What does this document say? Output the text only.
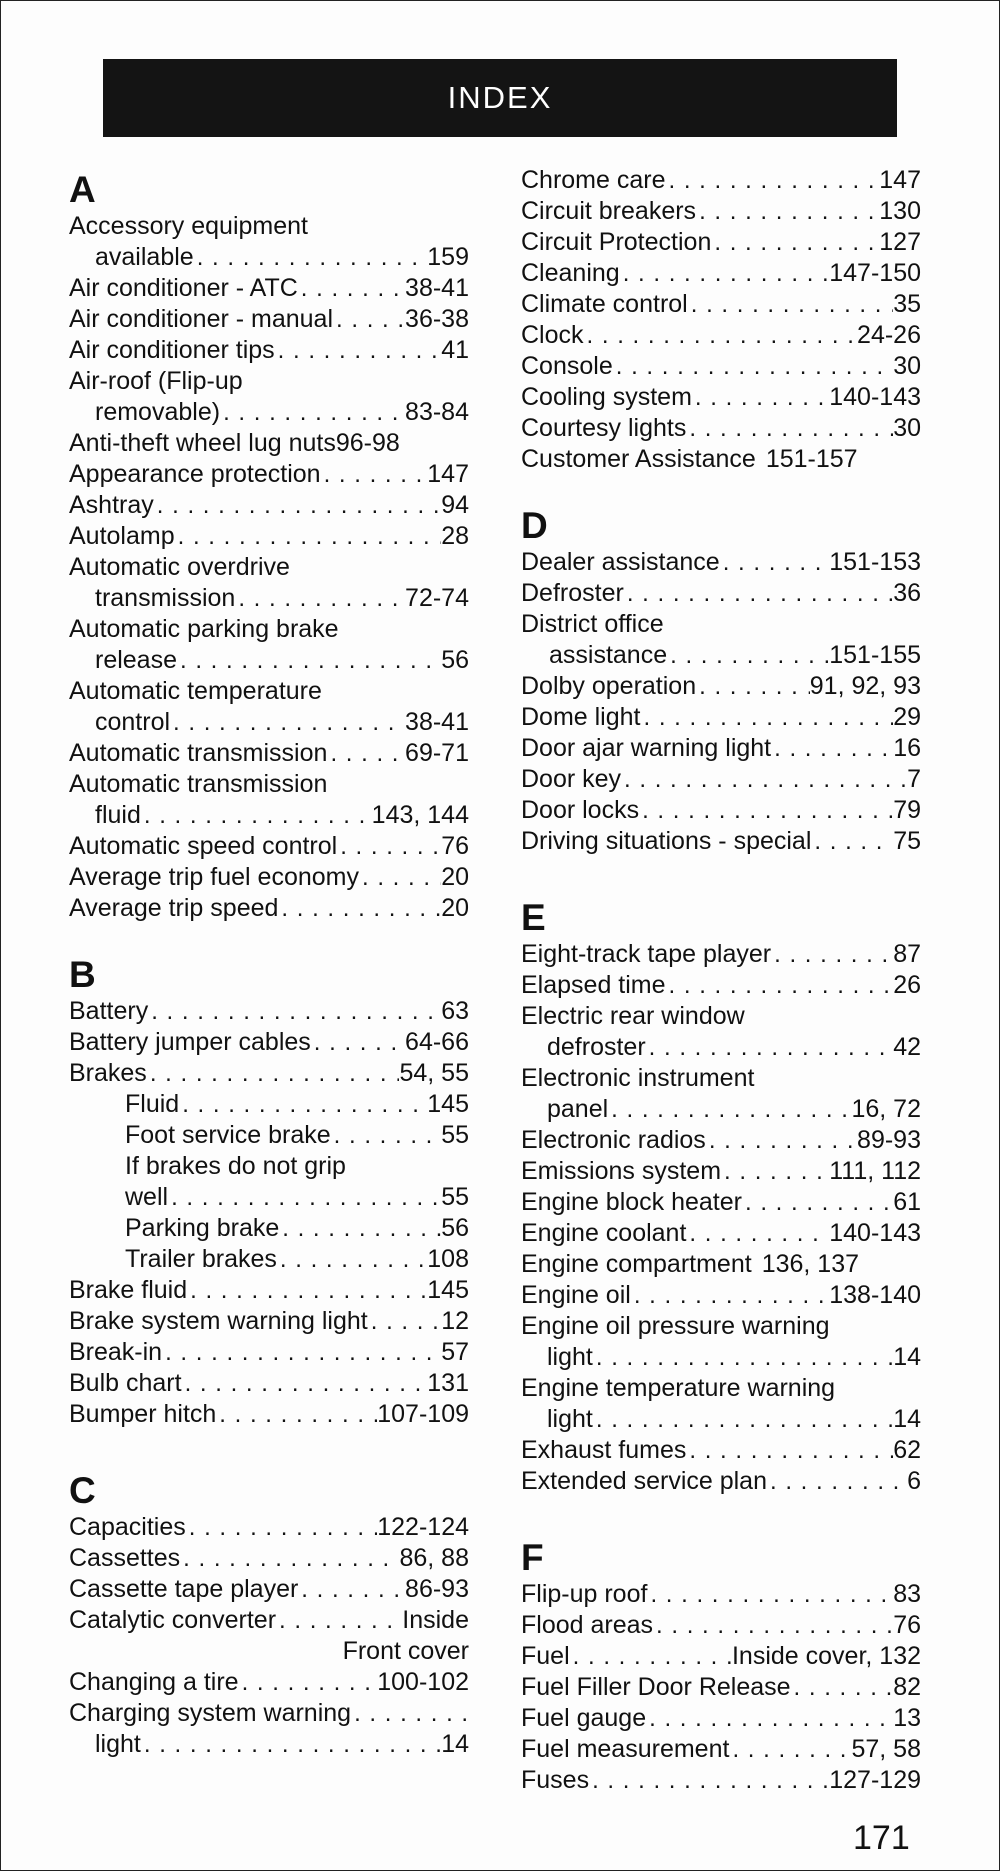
INDEX
A
Accessory equipment
available . . .	159
Air conditioner - ATC . . .	38-41
Air conditioner - manual . . .	36-38
Air conditioner tips . . .	41
Air-roof (Flip-up
removable) . . .	83-84
Anti-theft wheel lug nuts 96-98
Appearance protection . . .	147
Ashtray . . .	94
Autolamp . . .	28
Automatic overdrive
transmission . . .	72-74
Automatic parking brake
release . . .	56
Automatic temperature
control . . .	38-41
Automatic transmission . . .	69-71
Automatic transmission
fluid . . .	143, 144
Automatic speed control . . .	76
Average trip fuel economy . . .	20
Average trip speed . . .	20
B
Battery . . .	63
Battery jumper cables . . .	64-66
Brakes . . .	54, 55
Fluid . . .	145
Foot service brake . . .	55
If brakes do not grip
well . . .	55
Parking brake . . .	56
Trailer brakes . . .	108
Brake fluid . . .	145
Brake system warning light . . .	12
Break-in . . .	57
Bulb chart . . .	131
Bumper hitch . . .	107-109
C
Capacities . . .	122-124
Cassettes . . .	86, 88
Cassette tape player . . .	86-93
Catalytic converter . . .	Inside
Front cover
Changing a tire . . .	100-102
Charging system warning
. . .
light . . .	14
Chrome care . . .	147
Circuit breakers . . .	130
Circuit Protection . . .	127
Cleaning . . .	147-150
Climate control . . .	35
Clock . . .	24-26
Console . . .	30
Cooling system . . .	140-143
Courtesy lights . . .	30
Customer Assistance 151-157
D
Dealer assistance . . .	151-153
Defroster . . .	36
District office
assistance . . .	151-155
Dolby operation . . .	91, 92, 93
Dome light . . .	29
Door ajar warning light . . .	16
Door key . . .	7
Door locks . . .	79
Driving situations - special . . .	75
E
Eight-track tape player . . .	87
Elapsed time . . .	26
Electric rear window
defroster . . .	42
Electronic instrument
panel . . .	16, 72
Electronic radios . . .	89-93
Emissions system . . .	111, 112
Engine block heater . . .	61
Engine coolant . . .	140-143
Engine compartment 136, 137
Engine oil . . .	138-140
Engine oil pressure warning
light . . .	14
Engine temperature warning
light . . .	14
Exhaust fumes . . .	62
Extended service plan . . .	6
F
Flip-up roof . . .	83
Flood areas . . .	76
Fuel . . .	Inside cover, 132
Fuel Filler Door Release . . .	82
Fuel gauge . . .	13
Fuel measurement . . .	57, 58
Fuses . . .	127-129
171
